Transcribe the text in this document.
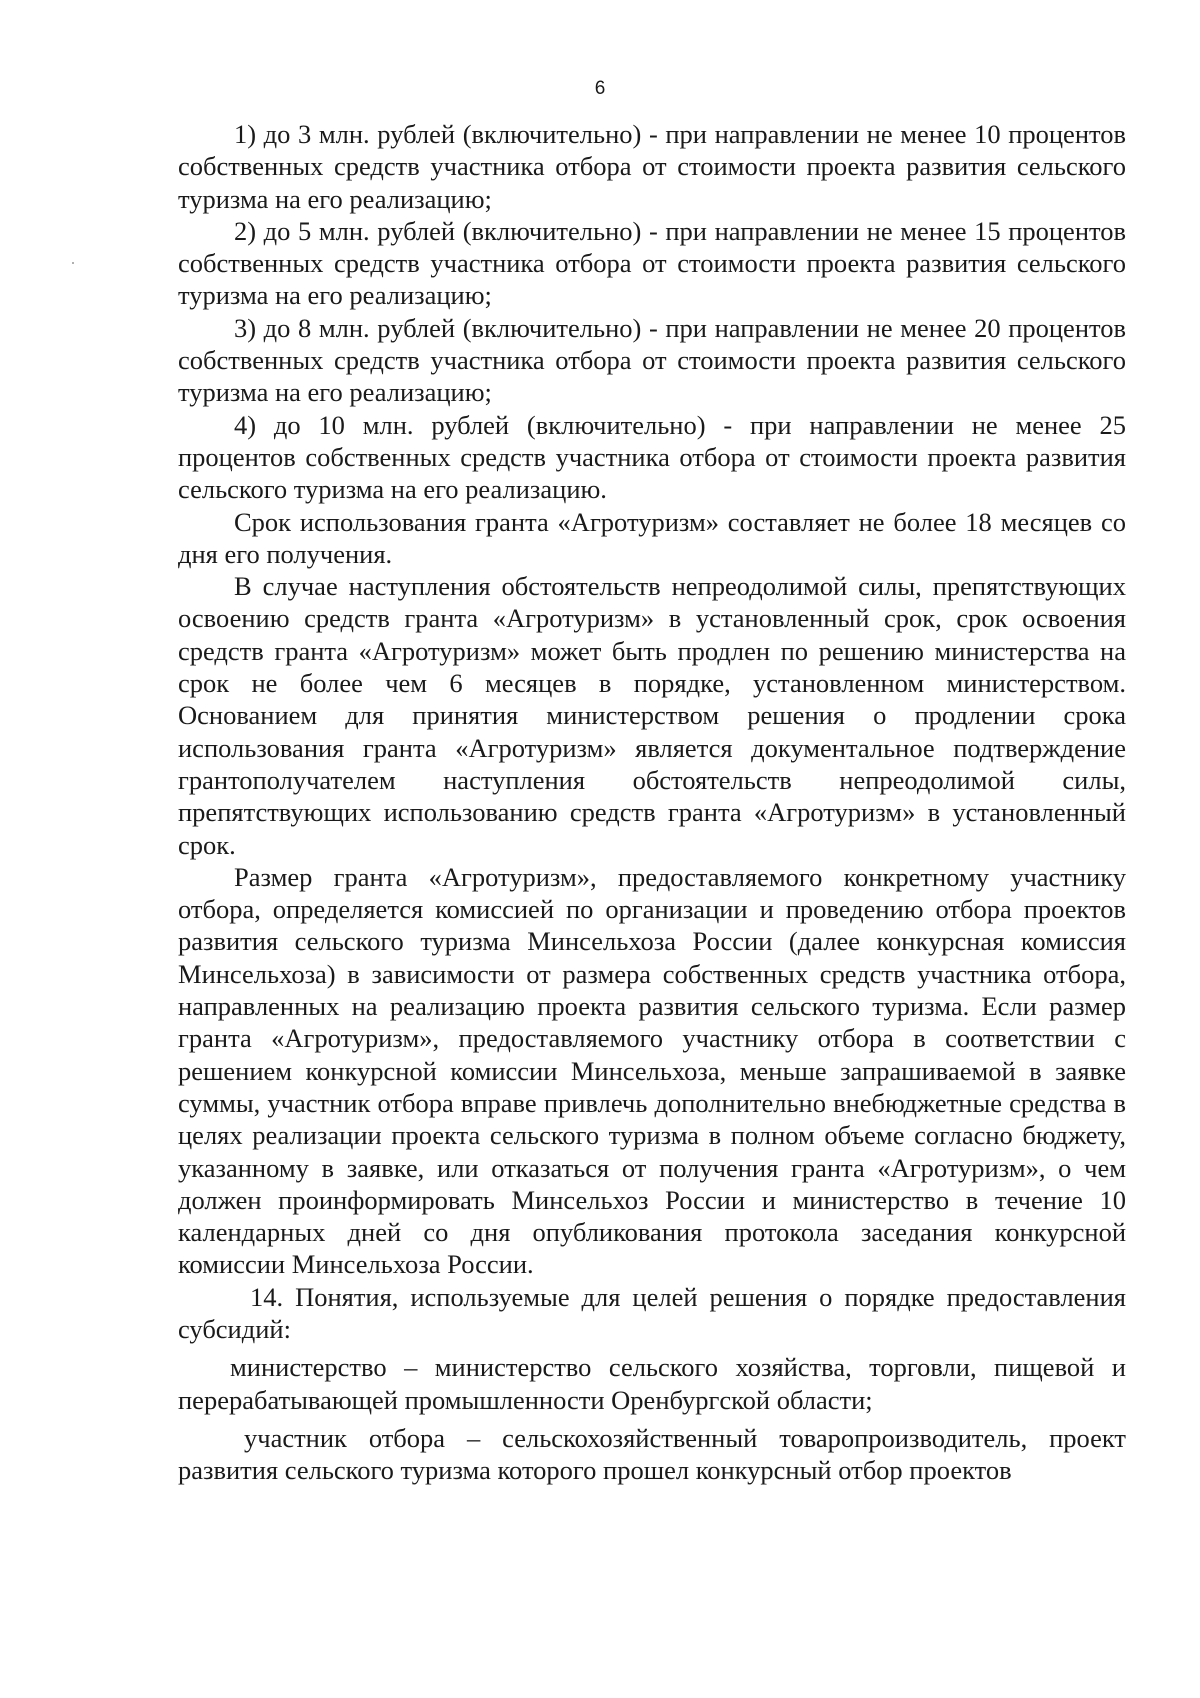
6

1) до 3 млн. рублей (включительно) - при направлении не менее 10 процентов собственных средств участника отбора от стоимости проекта развития сельского туризма на его реализацию;

2) до 5 млн. рублей (включительно) - при направлении не менее 15 процентов собственных средств участника отбора от стоимости проекта развития сельского туризма на его реализацию;

3) до 8 млн. рублей (включительно) - при направлении не менее 20 процентов собственных средств участника отбора от стоимости проекта развития сельского туризма на его реализацию;

4) до 10 млн. рублей (включительно) - при направлении не менее 25 процентов собственных средств участника отбора от стоимости проекта развития сельского туризма на его реализацию.

Срок использования гранта «Агротуризм» составляет не более 18 месяцев со дня его получения.

В случае наступления обстоятельств непреодолимой силы, препятствующих освоению средств гранта «Агротуризм» в установленный срок, срок освоения средств гранта «Агротуризм» может быть продлен по решению министерства на срок не более чем 6 месяцев в порядке, установленном министерством. Основанием для принятия министерством решения о продлении срока использования гранта «Агротуризм» является документальное подтверждение грантополучателем наступления обстоятельств непреодолимой силы, препятствующих использованию средств гранта «Агротуризм» в установленный срок.

Размер гранта «Агротуризм», предоставляемого конкретному участнику отбора, определяется комиссией по организации и проведению отбора проектов развития сельского туризма Минсельхоза России (далее конкурсная комиссия Минсельхоза) в зависимости от размера собственных средств участника отбора, направленных на реализацию проекта развития сельского туризма. Если размер гранта «Агротуризм», предоставляемого участнику отбора в соответствии с решением конкурсной комиссии Минсельхоза, меньше запрашиваемой в заявке суммы, участник отбора вправе привлечь дополнительно внебюджетные средства в целях реализации проекта сельского туризма в полном объеме согласно бюджету, указанному в заявке, или отказаться от получения гранта «Агротуризм», о чем должен проинформировать Минсельхоз России и министерство в течение 10 календарных дней со дня опубликования протокола заседания конкурсной комиссии Минсельхоза России.

14. Понятия, используемые для целей решения о порядке предоставления субсидий:

министерство – министерство сельского хозяйства, торговли, пищевой и перерабатывающей промышленности Оренбургской области;

участник отбора – сельскохозяйственный товаропроизводитель, проект развития сельского туризма которого прошел конкурсный отбор проектов
